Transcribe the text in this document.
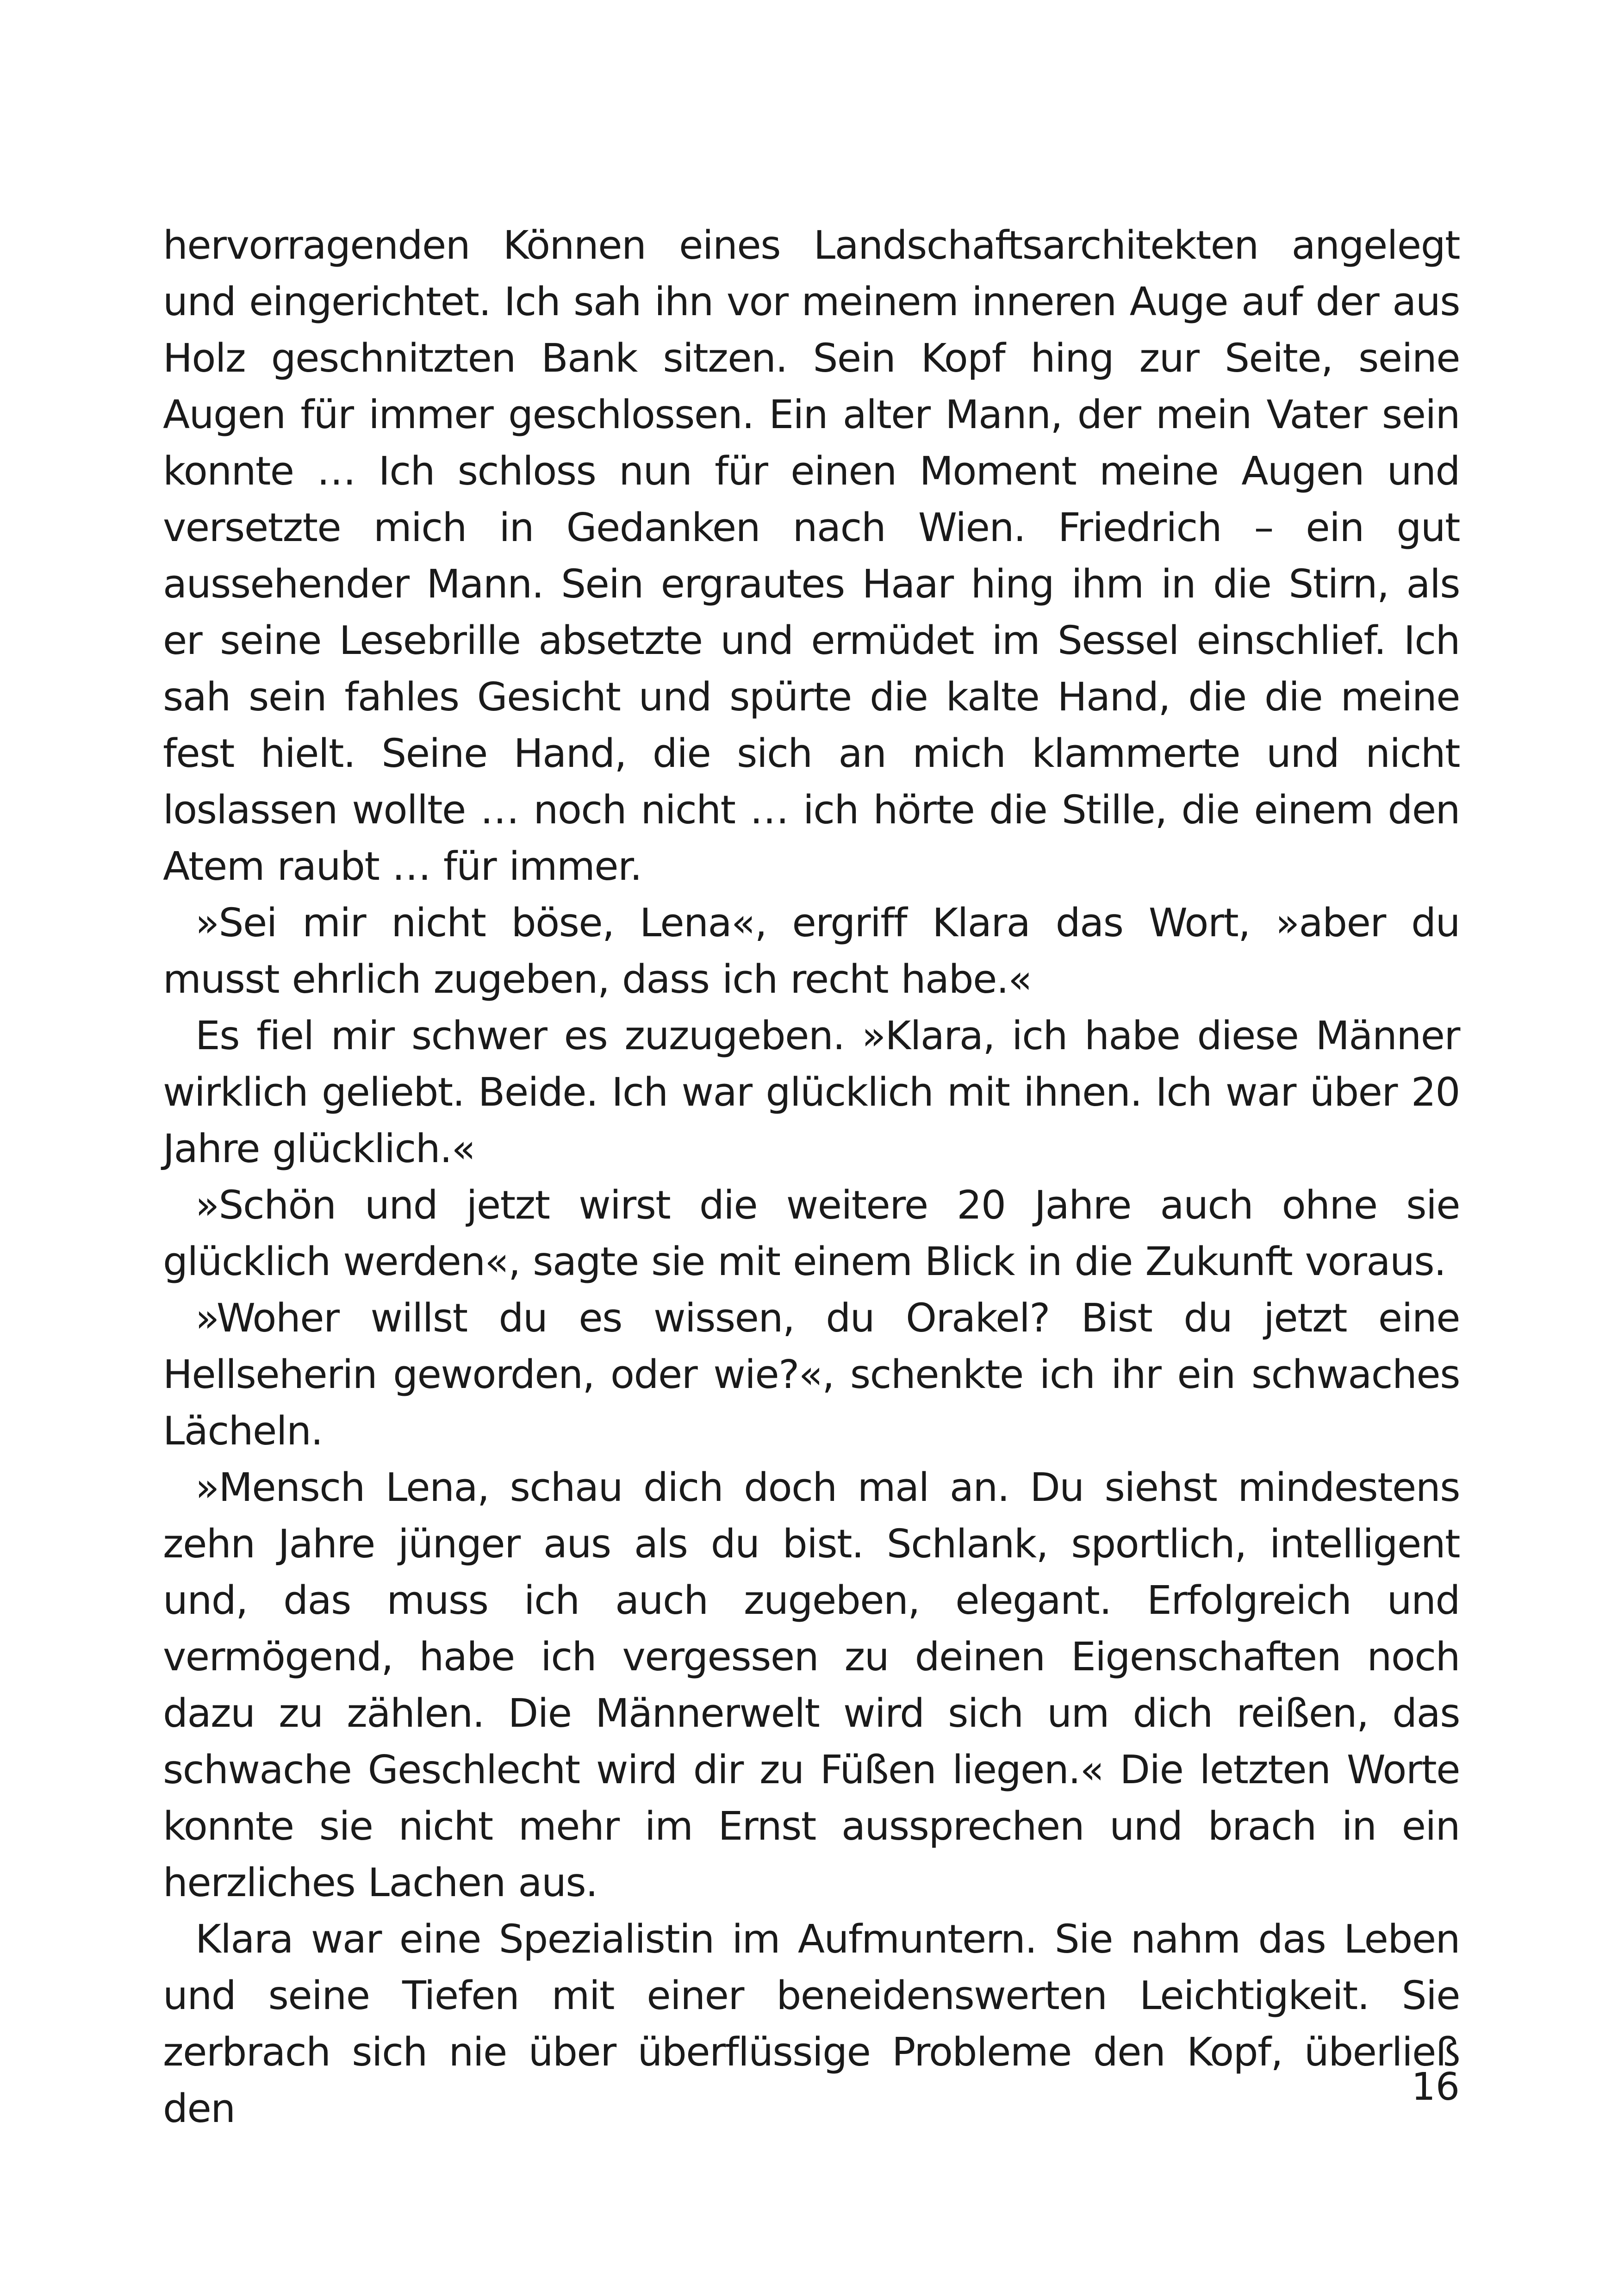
hervorragenden Können eines Landschaftsarchitekten angelegt und eingerichtet. Ich sah ihn vor meinem inneren Auge auf der aus Holz geschnitzten Bank sitzen. Sein Kopf hing zur Seite, seine Augen für immer geschlossen. Ein alter Mann, der mein Vater sein konnte … Ich schloss nun für einen Moment meine Augen und versetzte mich in Gedanken nach Wien. Friedrich – ein gut aussehender Mann. Sein ergrautes Haar hing ihm in die Stirn, als er seine Lesebrille absetzte und ermüdet im Sessel einschlief. Ich sah sein fahles Gesicht und spürte die kalte Hand, die die meine fest hielt. Seine Hand, die sich an mich klammerte und nicht loslassen wollte … noch nicht … ich hörte die Stille, die einem den Atem raubt … für immer.

»Sei mir nicht böse, Lena«, ergriff Klara das Wort, »aber du musst ehrlich zugeben, dass ich recht habe.«

Es fiel mir schwer es zuzugeben. »Klara, ich habe diese Männer wirklich geliebt. Beide. Ich war glücklich mit ihnen. Ich war über 20 Jahre glücklich.«

»Schön und jetzt wirst die weitere 20 Jahre auch ohne sie glücklich werden«, sagte sie mit einem Blick in die Zukunft voraus.

»Woher willst du es wissen, du Orakel? Bist du jetzt eine Hellseherin geworden, oder wie?«, schenkte ich ihr ein schwaches Lächeln.

»Mensch Lena, schau dich doch mal an. Du siehst mindestens zehn Jahre jünger aus als du bist. Schlank, sportlich, intelligent und, das muss ich auch zugeben, elegant. Erfolgreich und vermögend, habe ich vergessen zu deinen Eigenschaften noch dazu zu zählen. Die Männerwelt wird sich um dich reißen, das schwache Geschlecht wird dir zu Füßen liegen.« Die letzten Worte konnte sie nicht mehr im Ernst aussprechen und brach in ein herzliches Lachen aus.

Klara war eine Spezialistin im Aufmuntern. Sie nahm das Leben und seine Tiefen mit einer beneidenswerten Leichtigkeit. Sie zerbrach sich nie über überflüssige Probleme den Kopf, überließ den	16
